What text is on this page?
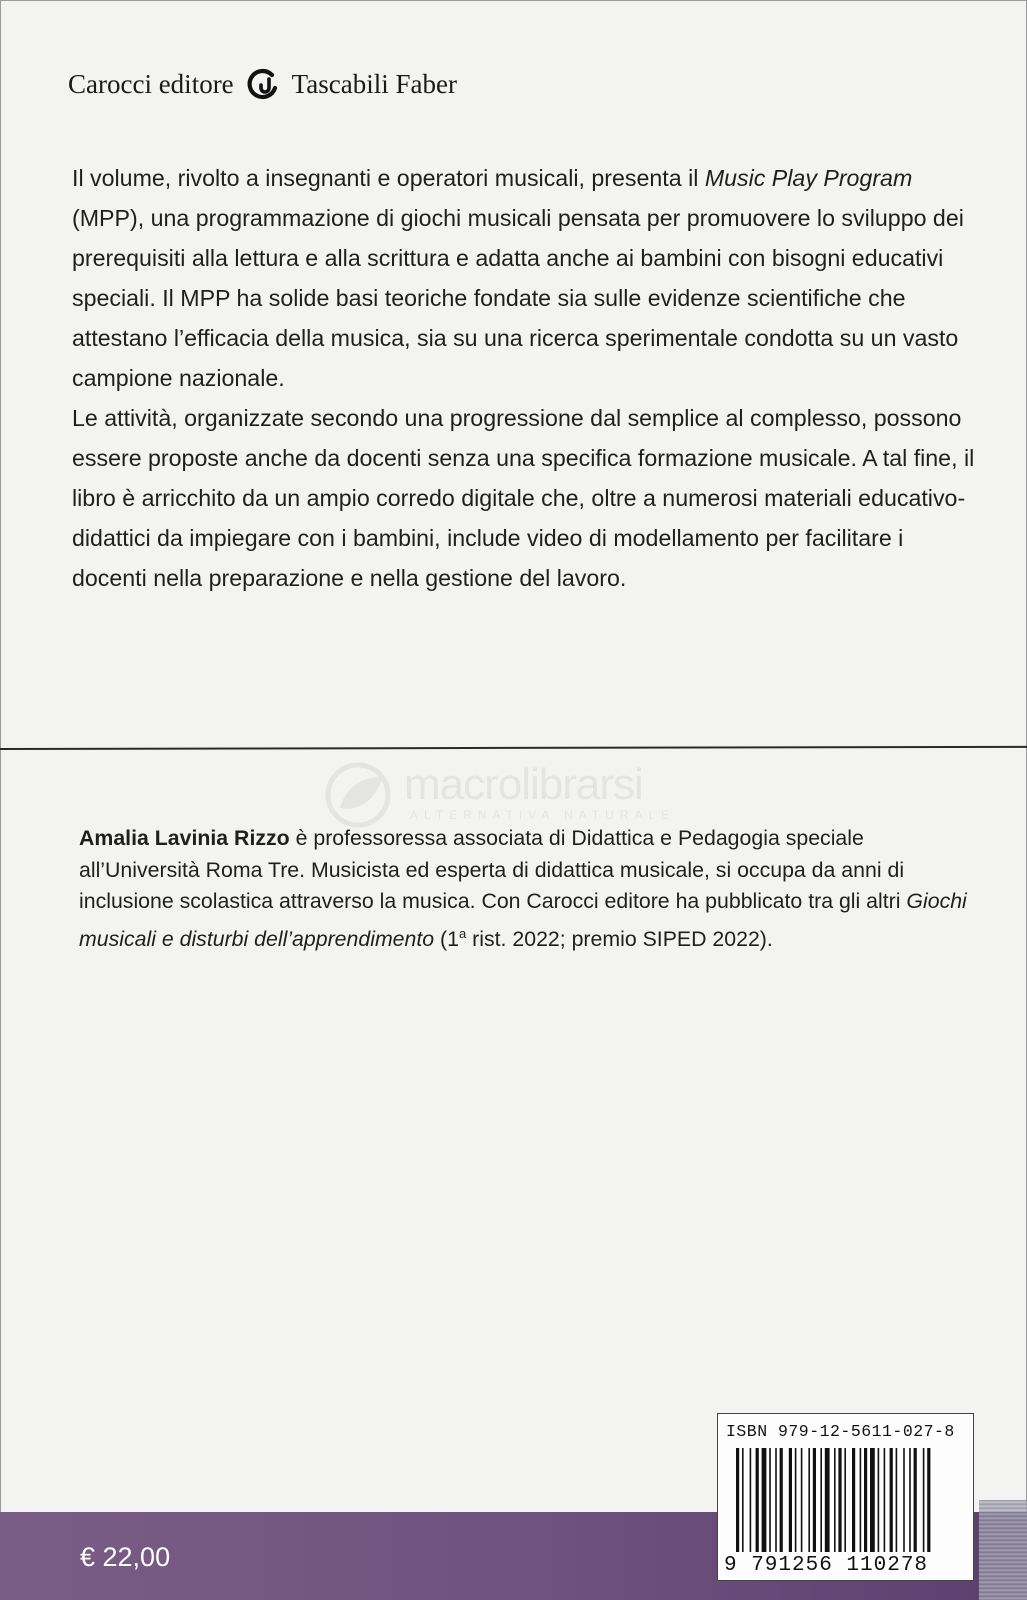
Carocci editore Tascabili Faber

Il volume, rivolto a insegnanti e operatori musicali, presenta il Music Play Program (MPP), una programmazione di giochi musicali pensata per promuovere lo sviluppo dei prerequisiti alla lettura e alla scrittura e adatta anche ai bambini con bisogni educativi speciali. Il MPP ha solide basi teoriche fondate sia sulle evidenze scientifiche che attestano l’efficacia della musica, sia su una ricerca sperimentale condotta su un vasto campione nazionale.

Le attività, organizzate secondo una progressione dal semplice al complesso, possono essere proposte anche da docenti senza una specifica formazione musicale. A tal fine, il libro è arricchito da un ampio corredo digitale che, oltre a numerosi materiali educativo-didattici da impiegare con i bambini, include video di modellamento per facilitare i docenti nella preparazione e nella gestione del lavoro.

macrolibrarsi
ALTERNATIVA NATURALE

Amalia Lavinia Rizzo è professoressa associata di Didattica e Pedagogia speciale all’Università Roma Tre. Musicista ed esperta di didattica musicale, si occupa da anni di inclusione scolastica attraverso la musica. Con Carocci editore ha pubblicato tra gli altri Giochi musicali e disturbi dell’apprendimento (1$^a$ rist. 2022; premio SIPED 2022).

€ 22,00
ISBN 979-12-5611-027-8
9 791256 110278
